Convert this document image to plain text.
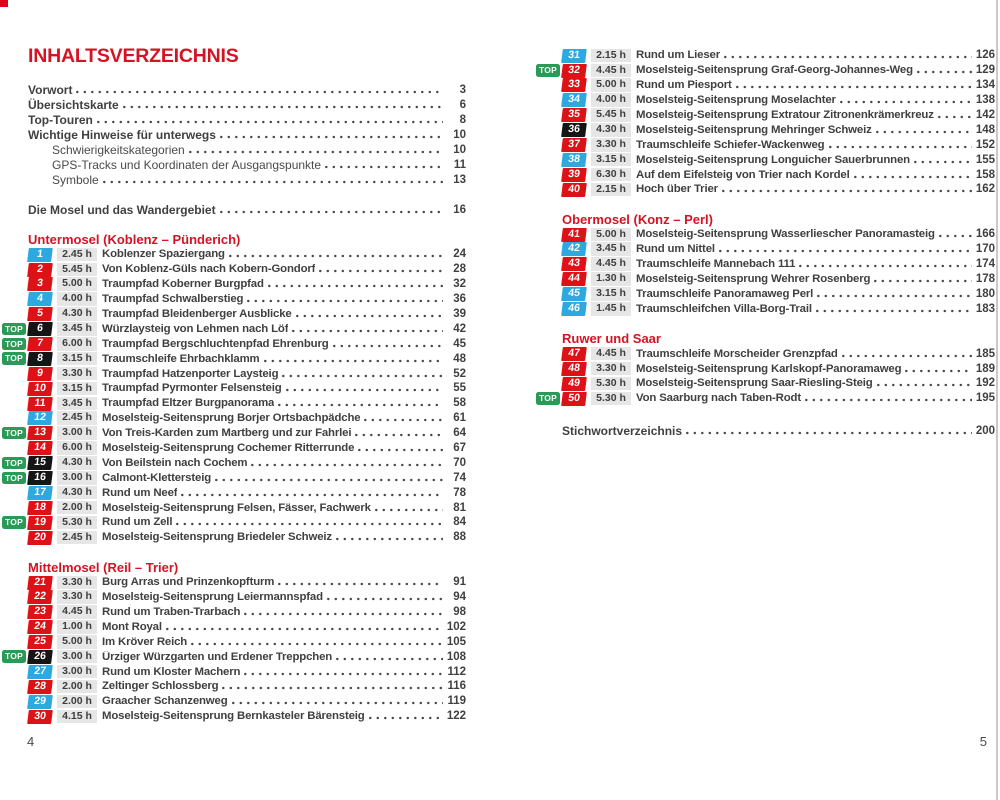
INHALTSVERZEICHNIS
Vorwort	3
Übersichtskarte	6
Top-Touren	8
Wichtige Hinweise für unterwegs	10
Schwierigkeitskategorien	10
GPS-Tracks und Koordinaten der Ausgangspunkte	11
Symbole	13
Die Mosel und das Wandergebiet	16
Untermosel (Koblenz – Pünderich)
1	2.45 h Koblenzer Spaziergang	24
2	5.45 h Von Koblenz-Güls nach Kobern-Gondorf	28
3	5.00 h Traumpfad Koberner Burgpfad	32
4	4.00 h Traumpfad Schwalberstieg	36
5	4.30 h Traumpfad Bleidenberger Ausblicke	39
TOP	6	3.45 h Würzlaysteig von Lehmen nach Löf	42
TOP	7	6.00 h Traumpfad Bergschluchtenpfad Ehrenburg	45
TOP	8	3.15 h Traumschleife Ehrbachklamm	48
9	3.30 h Traumpfad Hatzenporter Laysteig	52
10	3.15 h Traumpfad Pyrmonter Felsensteig	55
11	3.45 h Traumpfad Eltzer Burgpanorama	58
12	2.45 h Moselsteig-Seitensprung Borjer Ortsbachpädche	61
TOP	13	3.00 h Von Treis-Karden zum Martberg und zur Fahrlei	64
14	6.00 h Moselsteig-Seitensprung Cochemer Ritterrunde	67
TOP	15	4.30 h Von Beilstein nach Cochem	70
TOP	16	3.00 h Calmont-Klettersteig	74
17	4.30 h Rund um Neef	78
18	2.00 h Moselsteig-Seitensprung Felsen, Fässer, Fachwerk	81
TOP	19	5.30 h Rund um Zell	84
20	2.45 h Moselsteig-Seitensprung Briedeler Schweiz	88
Mittelmosel (Reil – Trier)
21	3.30 h Burg Arras und Prinzenkopfturm	91
22	3.30 h Moselsteig-Seitensprung Leiermannspfad	94
23	4.45 h Rund um Traben-Trarbach	98
24	1.00 h Mont Royal	102
25	5.00 h Im Kröver Reich	105
TOP	26	3.00 h Ürziger Würzgarten und Erdener Treppchen	108
27	3.00 h Rund um Kloster Machern	112
28	2.00 h Zeltinger Schlossberg	116
29	2.00 h Graacher Schanzenweg	119
30	4.15 h Moselsteig-Seitensprung Bernkasteler Bärensteig	122
31	2.15 h Rund um Lieser	126
TOP	32	4.45 h Moselsteig-Seitensprung Graf-Georg-Johannes-Weg	129
33	5.00 h Rund um Piesport	134
34	4.00 h Moselsteig-Seitensprung Moselachter	138
35	5.45 h Moselsteig-Seitensprung Extratour Zitronenkrämerkreuz	142
36	4.30 h Moselsteig-Seitensprung Mehringer Schweiz	148
37	3.30 h Traumschleife Schiefer-Wackenweg	152
38	3.15 h Moselsteig-Seitensprung Longuicher Sauerbrunnen	155
39	6.30 h Auf dem Eifelsteig von Trier nach Kordel	158
40	2.15 h Hoch über Trier	162
Obermosel (Konz – Perl)
41	5.00 h Moselsteig-Seitensprung Wasserliescher Panoramasteig	166
42	3.45 h Rund um Nittel	170
43	4.45 h Traumschleife Mannebach 111	174
44	1.30 h Moselsteig-Seitensprung Wehrer Rosenberg	178
45	3.15 h Traumschleife Panoramaweg Perl	180
46	1.45 h Traumschleifchen Villa-Borg-Trail	183
Ruwer und Saar
47	4.45 h Traumschleife Morscheider Grenzpfad	185
48	3.30 h Moselsteig-Seitensprung Karlskopf-Panoramaweg	189
49	5.30 h Moselsteig-Seitensprung Saar-Riesling-Steig	192
TOP	50	5.30 h Von Saarburg nach Taben-Rodt	195
Stichwortverzeichnis	200
4	5
